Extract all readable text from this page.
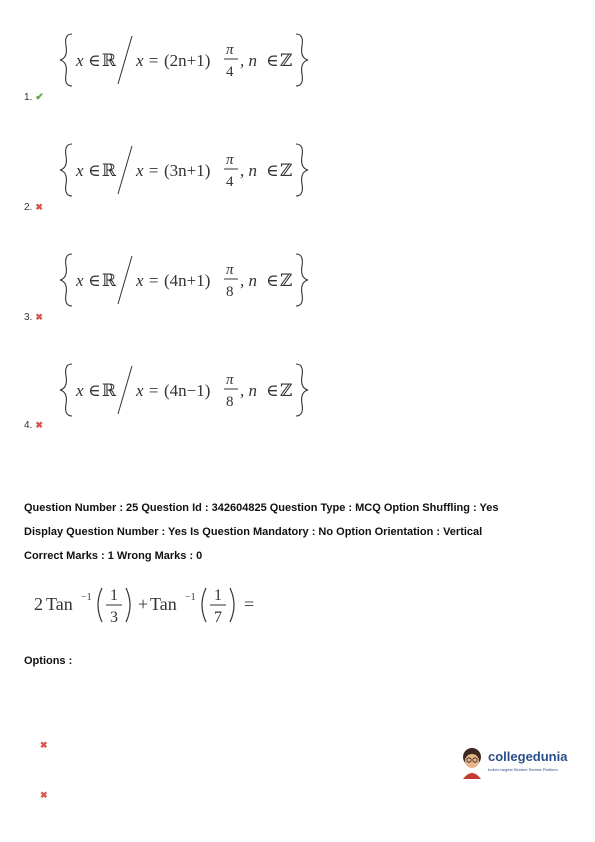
x ∈ ℝ x = (2n+1)
π
4
, n ∈ ℤ
1. ✔
x ∈ ℝ x = (3n+1)
π
4
, n ∈ ℤ
2. ✖
x ∈ ℝ x = (4n+1)
π
8
, n ∈ ℤ
3. ✖
x ∈ ℝ x = (4n−1)
π
8
, n ∈ ℤ
4. ✖
Question Number : 25 Question Id : 342604825 Question Type : MCQ Option Shuffling : Yes
Display Question Number : Yes Is Question Mandatory : No Option Orientation : Vertical
Correct Marks : 1 Wrong Marks : 0
2 Tan −1 1
3
+ Tan −1 1
7
=
Options :
✖
✖
collegedunia
India's largest Student Review Platform
